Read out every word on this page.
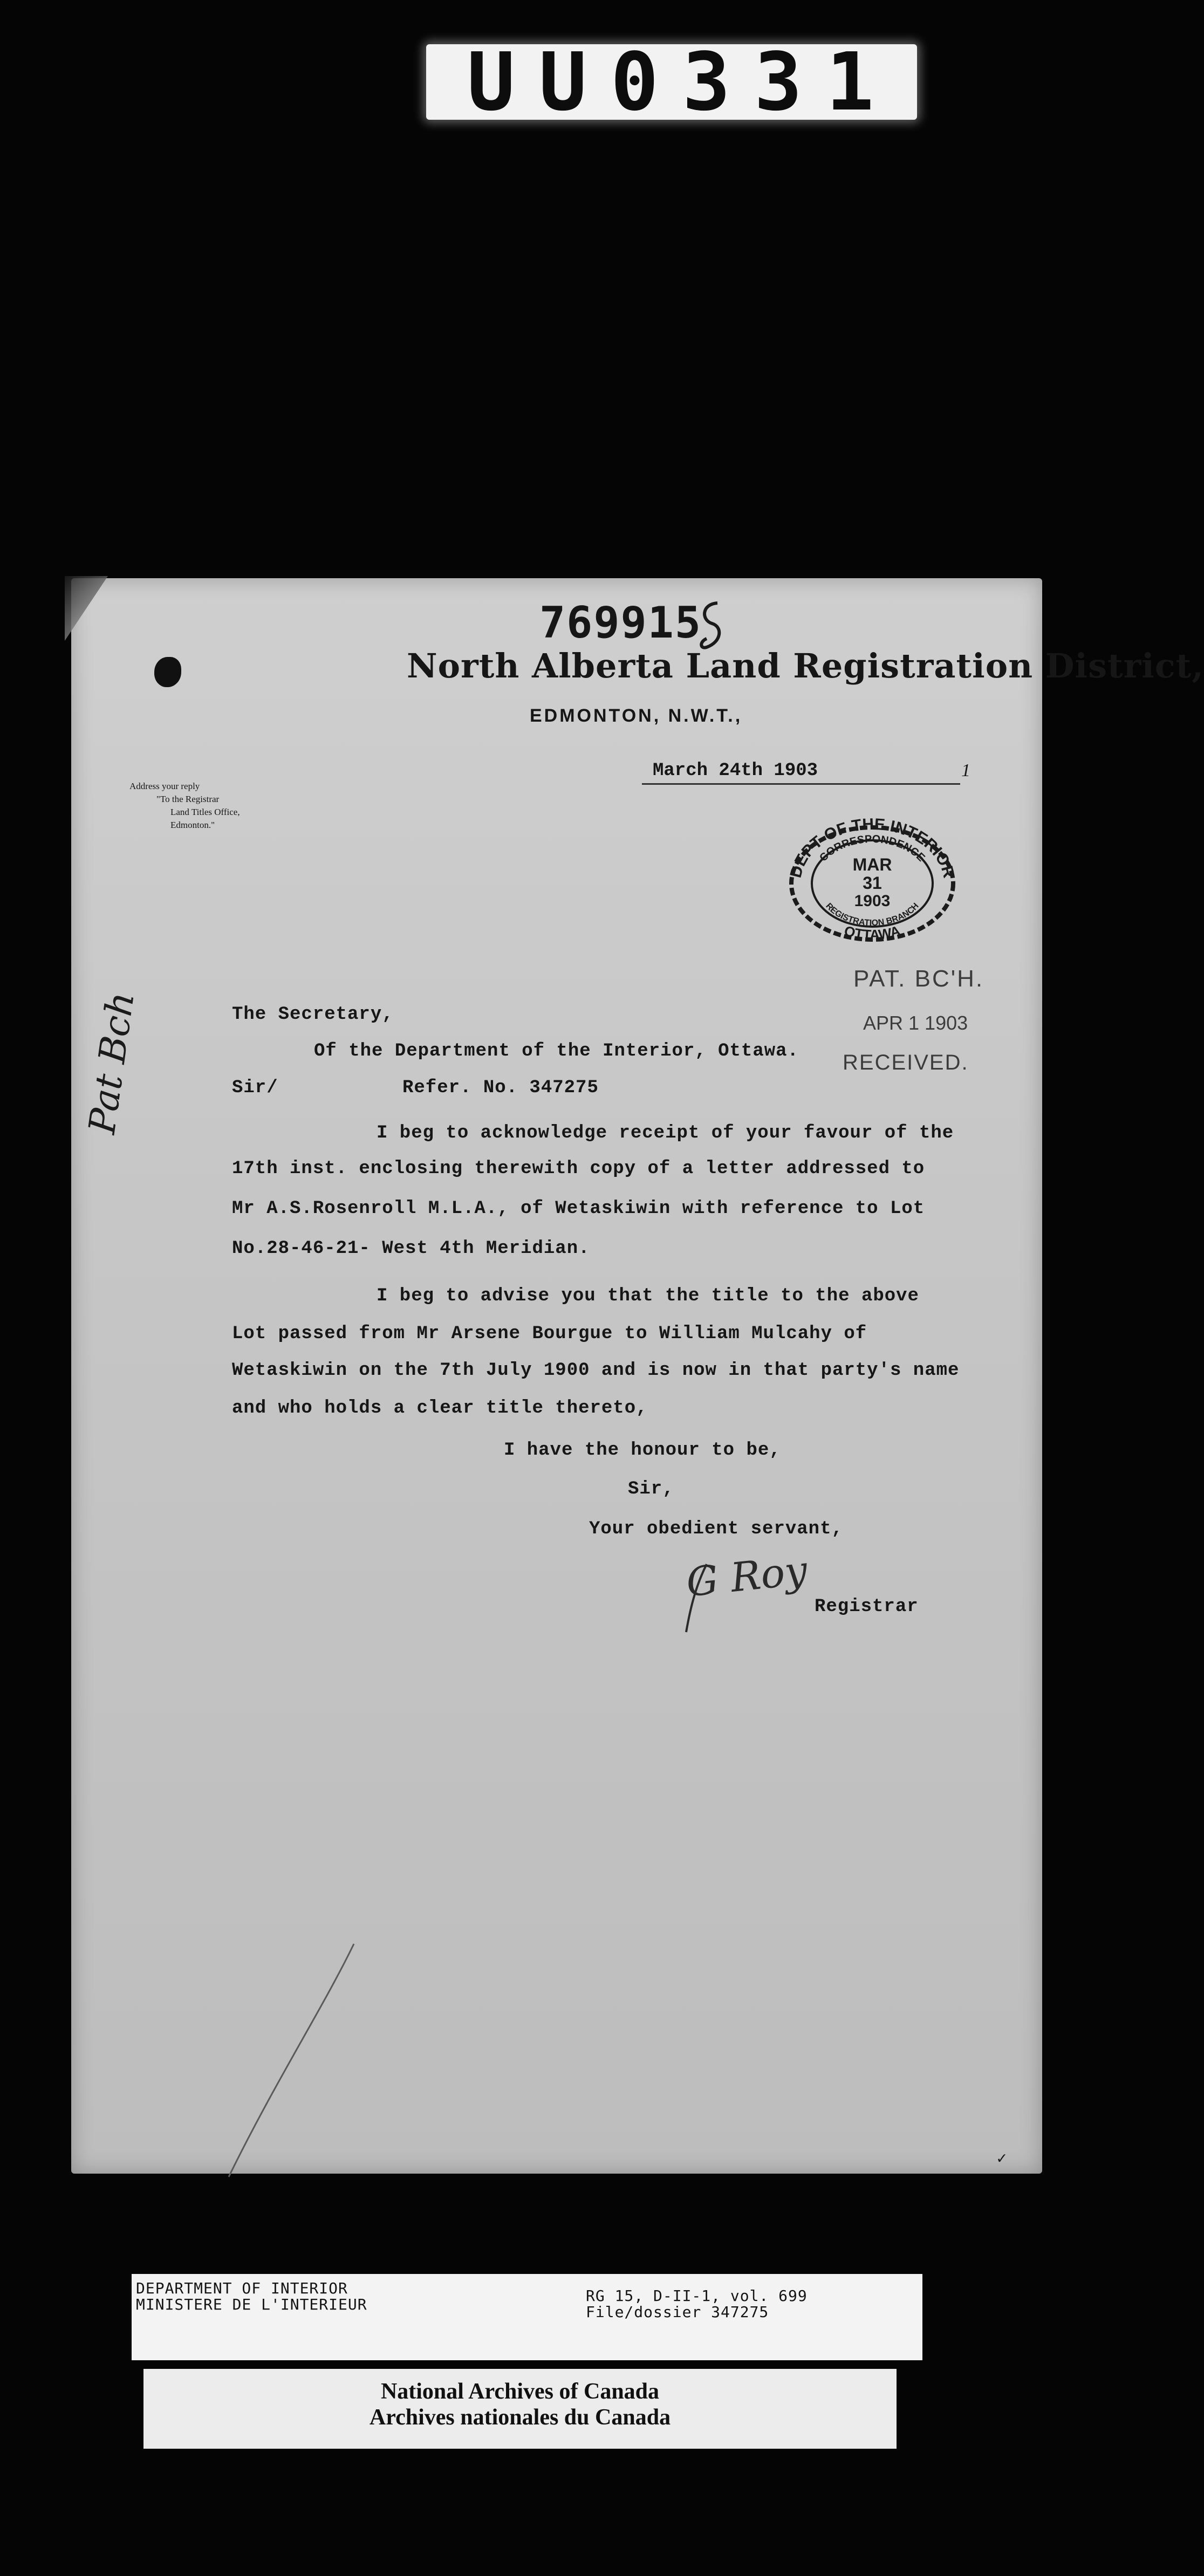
UU0331
769915
North Alberta Land Registration District,
EDMONTON, N.W.T.,
March 24th 1903	1
Address your reply
"To the Registrar
Land Titles Office,
Edmonton."
DEPT OF THE INTERIOR
CORRESPONDENCE
MAR
31
1903
REGISTRATION BRANCH
OTTAWA
PAT. BC'H.
APR 1 1903
RECEIVED.
The Secretary,
Of the Department of the Interior, Ottawa.
Sir/	Refer. No. 347275
I beg to acknowledge receipt of your favour of the
17th inst. enclosing therewith copy of a letter addressed to
Mr A.S.Rosenroll M.L.A., of Wetaskiwin with reference to Lot
No.28-46-21- West 4th Meridian.
I beg to advise you that the title to the above
Lot passed from Mr Arsene Bourgue to William Mulcahy of
Wetaskiwin on the 7th July 1900 and is now in that party's name
and who holds a clear title thereto,
I have the honour to be,
Sir,
Your obedient servant,
Registrar
Pat Bch
G Roy
✓
DEPARTMENT OF INTERIOR
MINISTERE DE L'INTERIEUR	RG 15, D-II-1, vol. 699
File/dossier 347275
National Archives of Canada
Archives nationales du Canada
